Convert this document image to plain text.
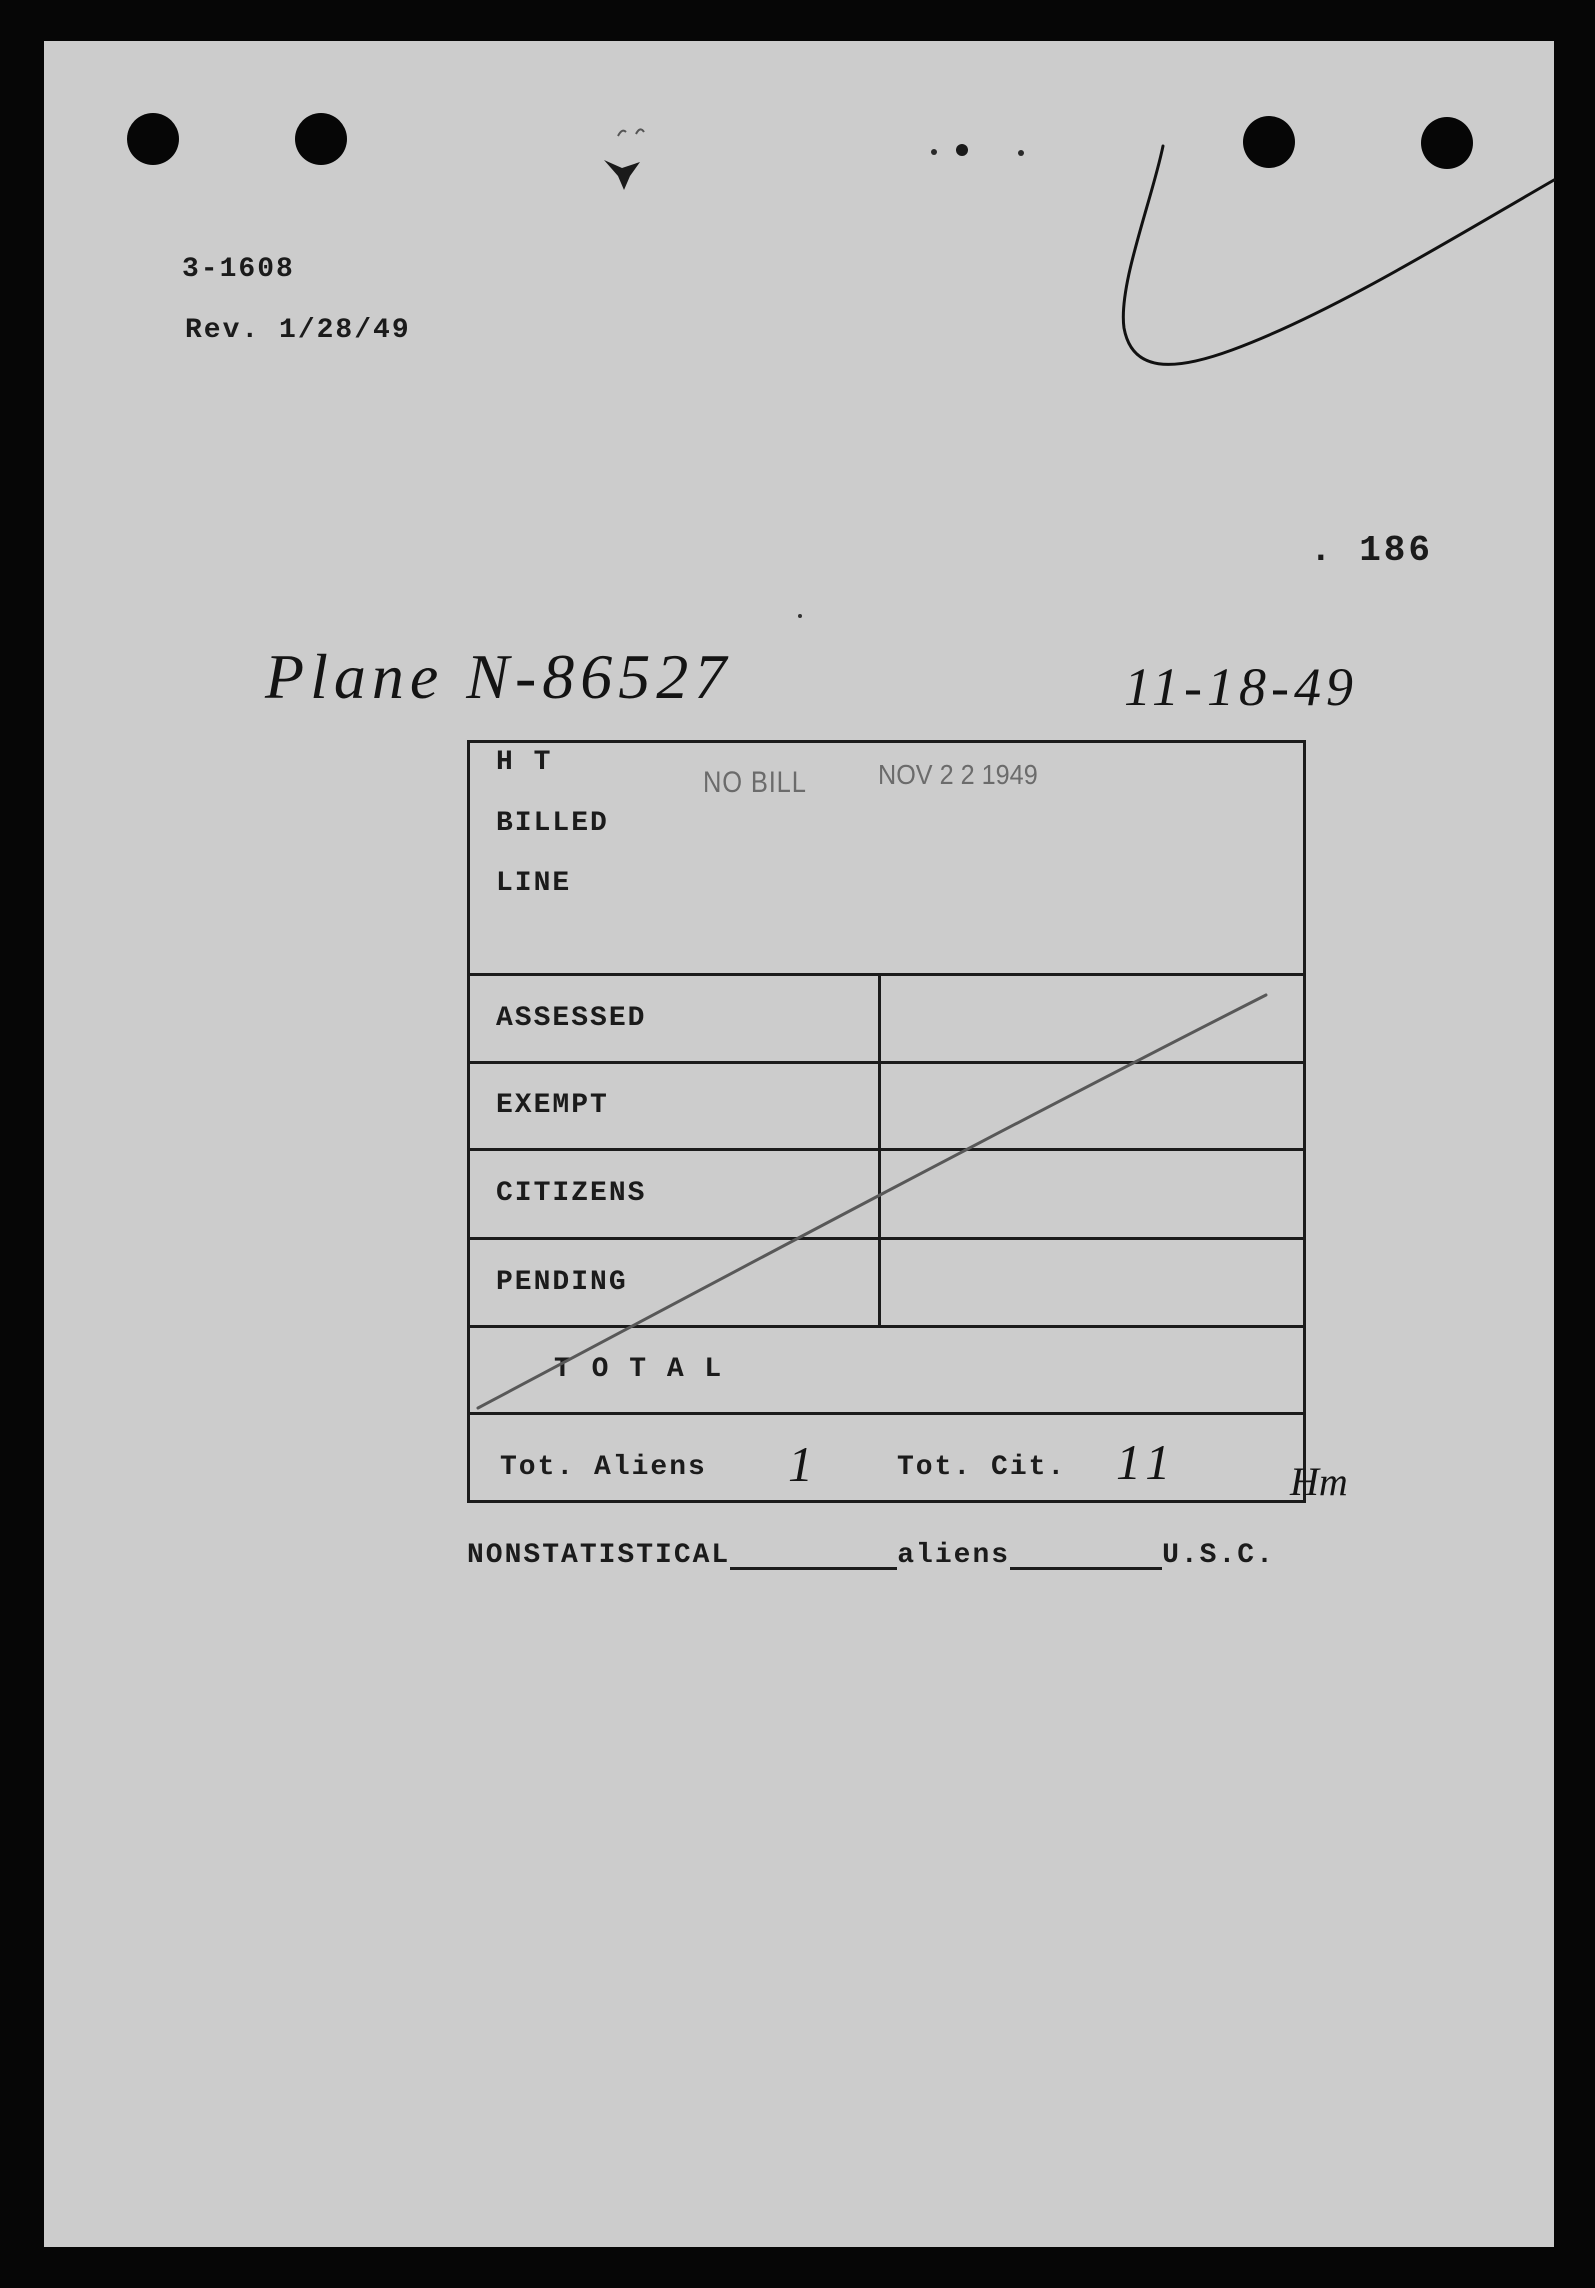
3-1608
Rev. 1/28/49
. 186
Plane N-86527	11-18-49
H T
BILLED
LINE
NO BILL	NOV 2 2 1949
ASSESSED
EXEMPT
CITIZENS
PENDING
T O T A L
Tot. Aliens 1	Tot. Cit. 11	Hm
NONSTATISTICAL	aliens	U.S.C.
